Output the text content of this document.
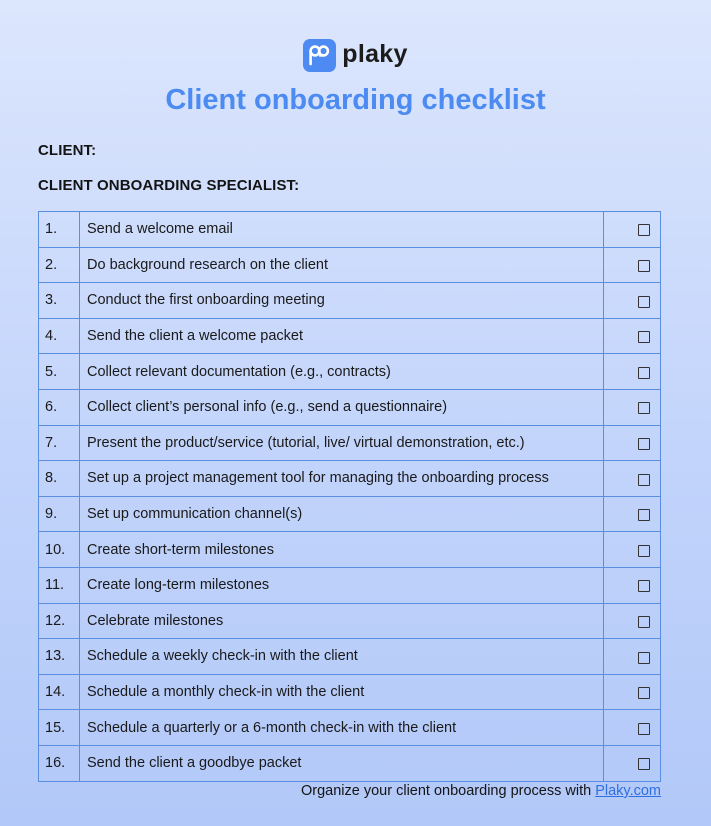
plaky
Client onboarding checklist
CLIENT:
CLIENT ONBOARDING SPECIALIST:
1.	Send a welcome email	
2.	Do background research on the client	
3.	Conduct the first onboarding meeting	
4.	Send the client a welcome packet	
5.	Collect relevant documentation (e.g., contracts)	
6.	Collect client’s personal info (e.g., send a questionnaire)	
7.	Present the product/service (tutorial, live/ virtual demonstration, etc.)	
8.	Set up a project management tool for managing the onboarding process	
9.	Set up communication channel(s)	
10.	Create short-term milestones	
11.	Create long-term milestones	
12.	Celebrate milestones	
13.	Schedule a weekly check-in with the client	
14.	Schedule a monthly check-in with the client	
15.	Schedule a quarterly or a 6-month check-in with the client	
16.	Send the client a goodbye packet	
Organize your client onboarding process with Plaky.com
